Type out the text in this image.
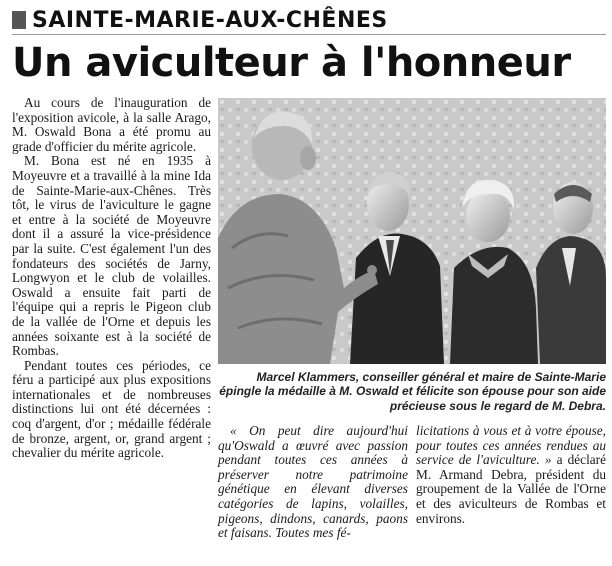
SAINTE-MARIE-AUX-CHÊNES
Un aviculteur à l'honneur

Au cours de l'inauguration de l'exposition avicole, à la salle Arago, M. Oswald Bona a été promu au grade d'officier du mérite agricole.

M. Bona est né en 1935 à Moyeuvre et a travaillé à la mine Ida de Sainte-Marie-aux-Chênes. Très tôt, le virus de l'aviculture le gagne et entre à la société de Moyeuvre dont il a assuré la vice-présidence par la suite. C'est également l'un des fondateurs des sociétés de Jarny, Longwyon et le club de volailles. Oswald a ensuite fait parti de l'équipe qui a repris le Pigeon club de la vallée de l'Orne et depuis les années soixante est à la société de Rombas.

Pendant toutes ces périodes, ce féru a participé aux plus expositions internationales et de nombreuses distinctions lui ont été décernées : coq d'argent, d'or ; médaille fédérale de bronze, argent, or, grand argent ; chevalier du mérite agricole.

Marcel Klammers, conseiller général et maire de Sainte-Marie épingle la médaille à M. Oswald et félicite son épouse pour son aide précieuse sous le regard de M. Debra.

« On peut dire aujourd'hui qu'Oswald a œuvré avec passion pendant toutes ces années à préserver notre patrimoine génétique en élevant diverses catégories de lapins, volailles, pigeons, dindons, canards, paons et faisans. Toutes mes fé-

licitations à vous et à votre épouse, pour toutes ces années rendues au service de l'aviculture. » a déclaré M. Armand Debra, président du groupement de la Vallée de l'Orne et des aviculteurs de Rombas et environs.
